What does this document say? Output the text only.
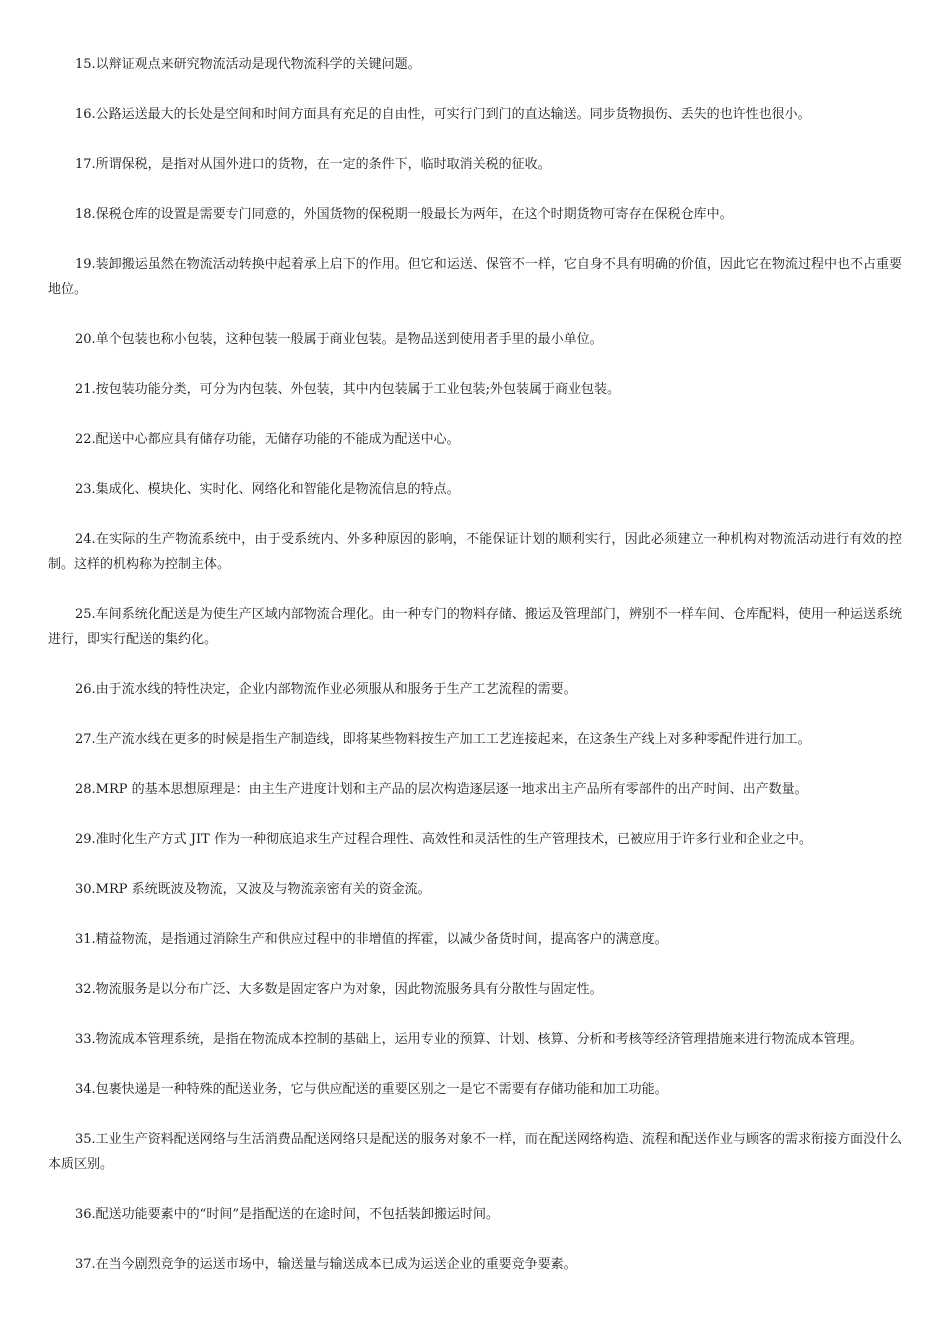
15.以辩证观点来研究物流活动是现代物流科学的关键问题。

16.公路运送最大的长处是空间和时间方面具有充足的自由性，可实行门到门的直达输送。同步货物损伤、丢失的也许性也很小。

17.所谓保税，是指对从国外进口的货物，在一定的条件下，临时取消关税的征收。

18.保税仓库的设置是需要专门同意的，外国货物的保税期一般最长为两年，在这个时期货物可寄存在保税仓库中。

19.装卸搬运虽然在物流活动转换中起着承上启下的作用。但它和运送、保管不一样，它自身不具有明确的价值，因此它在物流过程中也不占重要地位。

20.单个包装也称小包装，这种包装一般属于商业包装。是物品送到使用者手里的最小单位。

21.按包装功能分类，可分为内包装、外包装，其中内包装属于工业包装;外包装属于商业包装。

22.配送中心都应具有储存功能，无储存功能的不能成为配送中心。

23.集成化、模块化、实时化、网络化和智能化是物流信息的特点。

24.在实际的生产物流系统中，由于受系统内、外多种原因的影响，不能保证计划的顺利实行，因此必须建立一种机构对物流活动进行有效的控制。这样的机构称为控制主体。

25.车间系统化配送是为使生产区域内部物流合理化。由一种专门的物料存储、搬运及管理部门，辨别不一样车间、仓库配料，使用一种运送系统进行，即实行配送的集约化。

26.由于流水线的特性决定，企业内部物流作业必须服从和服务于生产工艺流程的需要。

27.生产流水线在更多的时候是指生产制造线，即将某些物料按生产加工工艺连接起来，在这条生产线上对多种零配件进行加工。

28.MRP 的基本思想原理是：由主生产进度计划和主产品的层次构造逐层逐一地求出主产品所有零部件的出产时间、出产数量。

29.准时化生产方式 JIT 作为一种彻底追求生产过程合理性、高效性和灵活性的生产管理技术，已被应用于许多行业和企业之中。

30.MRP 系统既波及物流，又波及与物流亲密有关的资金流。

31.精益物流，是指通过消除生产和供应过程中的非增值的挥霍，以减少备货时间，提高客户的满意度。

32.物流服务是以分布广泛、大多数是固定客户为对象，因此物流服务具有分散性与固定性。

33.物流成本管理系统，是指在物流成本控制的基础上，运用专业的预算、计划、核算、分析和考核等经济管理措施来进行物流成本管理。

34.包裹快递是一种特殊的配送业务，它与供应配送的重要区别之一是它不需要有存储功能和加工功能。

35.工业生产资料配送网络与生活消费品配送网络只是配送的服务对象不一样，而在配送网络构造、流程和配送作业与顾客的需求衔接方面没什么本质区别。

36.配送功能要素中的“时间”是指配送的在途时间，不包括装卸搬运时间。

37.在当今剧烈竞争的运送市场中，输送量与输送成本已成为运送企业的重要竞争要素。
